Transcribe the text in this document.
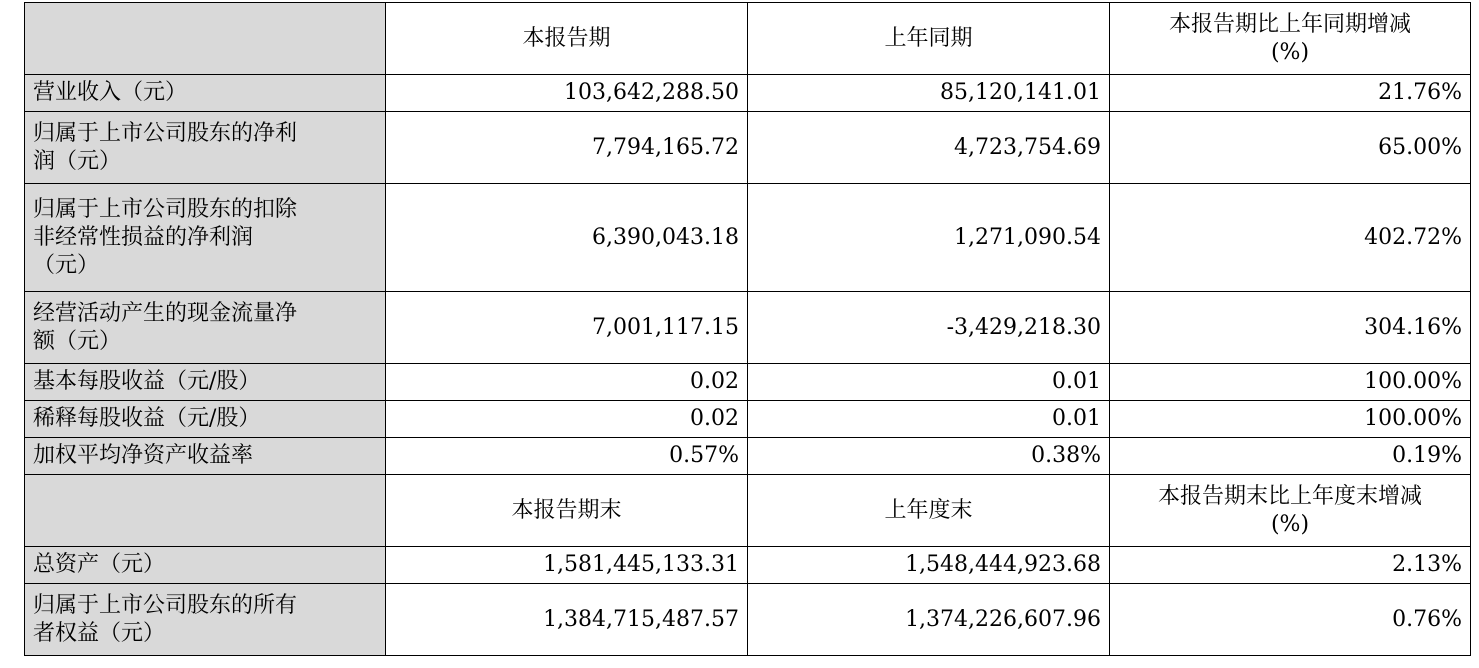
	本报告期	上年同期	本报告期比上年同期增减
(%)

营业收入（元）	103,642,288.50	85,120,141.01	21.76%
归属于上市公司股东的净利
润（元）	7,794,165.72	4,723,754.69	65.00%
归属于上市公司股东的扣除
非经常性损益的净利润
（元）	6,390,043.18	1,271,090.54	402.72%
经营活动产生的现金流量净
额（元）	7,001,117.15	-3,429,218.30	304.16%
基本每股收益（元/股）	0.02	0.01	100.00%
稀释每股收益（元/股）	0.02	0.01	100.00%
加权平均净资产收益率	0.57%	0.38%	0.19%
	本报告期末	上年度末	本报告期末比上年度末增减
(%)

总资产（元）	1,581,445,133.31	1,548,444,923.68	2.13%
归属于上市公司股东的所有
者权益（元）	1,384,715,487.57	1,374,226,607.96	0.76%
